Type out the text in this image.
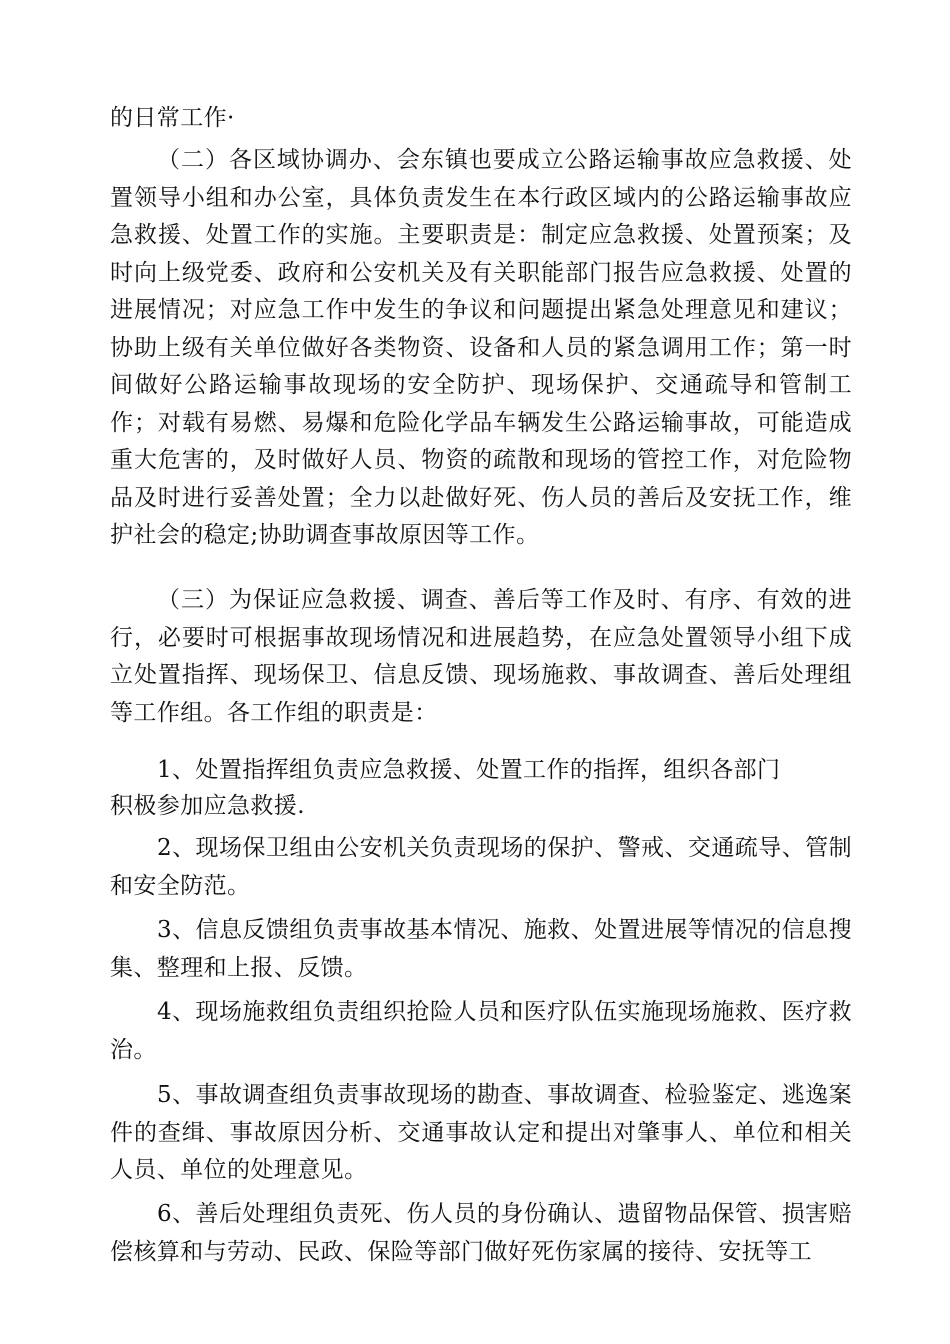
的日常工作·

（二）各区域协调办、会东镇也要成立公路运输事故应急救援、处置领导小组和办公室，具体负责发生在本行政区域内的公路运输事故应急救援、处置工作的实施。主要职责是：制定应急救援、处置预案；及时向上级党委、政府和公安机关及有关职能部门报告应急救援、处置的进展情况；对应急工作中发生的争议和问题提出紧急处理意见和建议；协助上级有关单位做好各类物资、设备和人员的紧急调用工作；第一时间做好公路运输事故现场的安全防护、现场保护、交通疏导和管制工作；对载有易燃、易爆和危险化学品车辆发生公路运输事故，可能造成重大危害的，及时做好人员、物资的疏散和现场的管控工作，对危险物品及时进行妥善处置；全力以赴做好死、伤人员的善后及安抚工作，维护社会的稳定;协助调查事故原因等工作。

（三）为保证应急救援、调查、善后等工作及时、有序、有效的进行，必要时可根据事故现场情况和进展趋势，在应急处置领导小组下成立处置指挥、现场保卫、信息反馈、现场施救、事故调查、善后处理组等工作组。各工作组的职责是：

1、处置指挥组负责应急救援、处置工作的指挥，组织各部门

积极参加应急救援.

2、现场保卫组由公安机关负责现场的保护、警戒、交通疏导、管制和安全防范。

3、信息反馈组负责事故基本情况、施救、处置进展等情况的信息搜集、整理和上报、反馈。

4、现场施救组负责组织抢险人员和医疗队伍实施现场施救、医疗救治。

5、事故调查组负责事故现场的勘查、事故调查、检验鉴定、逃逸案件的查缉、事故原因分析、交通事故认定和提出对肇事人、单位和相关人员、单位的处理意见。

6、善后处理组负责死、伤人员的身份确认、遗留物品保管、损害赔偿核算和与劳动、民政、保险等部门做好死伤家属的接待、安抚等工
